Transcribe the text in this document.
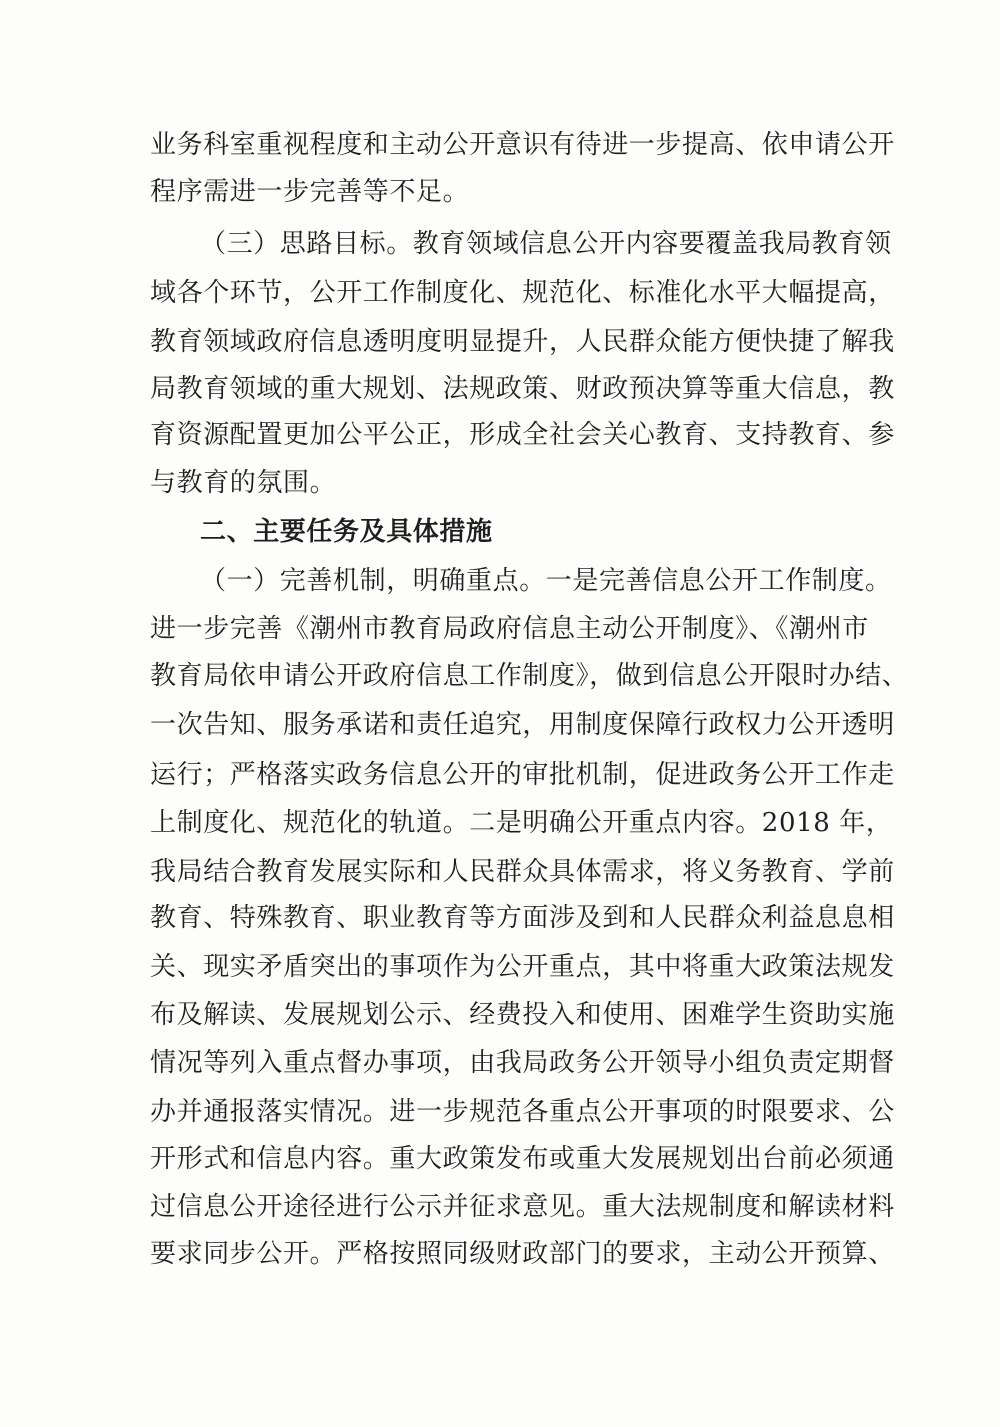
业务科室重视程度和主动公开意识有待进一步提高、依申请公开
程序需进一步完善等不足。
（三）思路目标。教育领域信息公开内容要覆盖我局教育领
域各个环节，公开工作制度化、规范化、标准化水平大幅提高，
教育领域政府信息透明度明显提升，人民群众能方便快捷了解我
局教育领域的重大规划、法规政策、财政预决算等重大信息，教
育资源配置更加公平公正，形成全社会关心教育、支持教育、参
与教育的氛围。
二、主要任务及具体措施
（一）完善机制，明确重点。一是完善信息公开工作制度。
进一步完善《潮州市教育局政府信息主动公开制度》、《潮州市
教育局依申请公开政府信息工作制度》，做到信息公开限时办结、
一次告知、服务承诺和责任追究，用制度保障行政权力公开透明
运行；严格落实政务信息公开的审批机制，促进政务公开工作走
上制度化、规范化的轨道。二是明确公开重点内容。2018 年，
我局结合教育发展实际和人民群众具体需求，将义务教育、学前
教育、特殊教育、职业教育等方面涉及到和人民群众利益息息相
关、现实矛盾突出的事项作为公开重点，其中将重大政策法规发
布及解读、发展规划公示、经费投入和使用、困难学生资助实施
情况等列入重点督办事项，由我局政务公开领导小组负责定期督
办并通报落实情况。进一步规范各重点公开事项的时限要求、公
开形式和信息内容。重大政策发布或重大发展规划出台前必须通
过信息公开途径进行公示并征求意见。重大法规制度和解读材料
要求同步公开。严格按照同级财政部门的要求，主动公开预算、
